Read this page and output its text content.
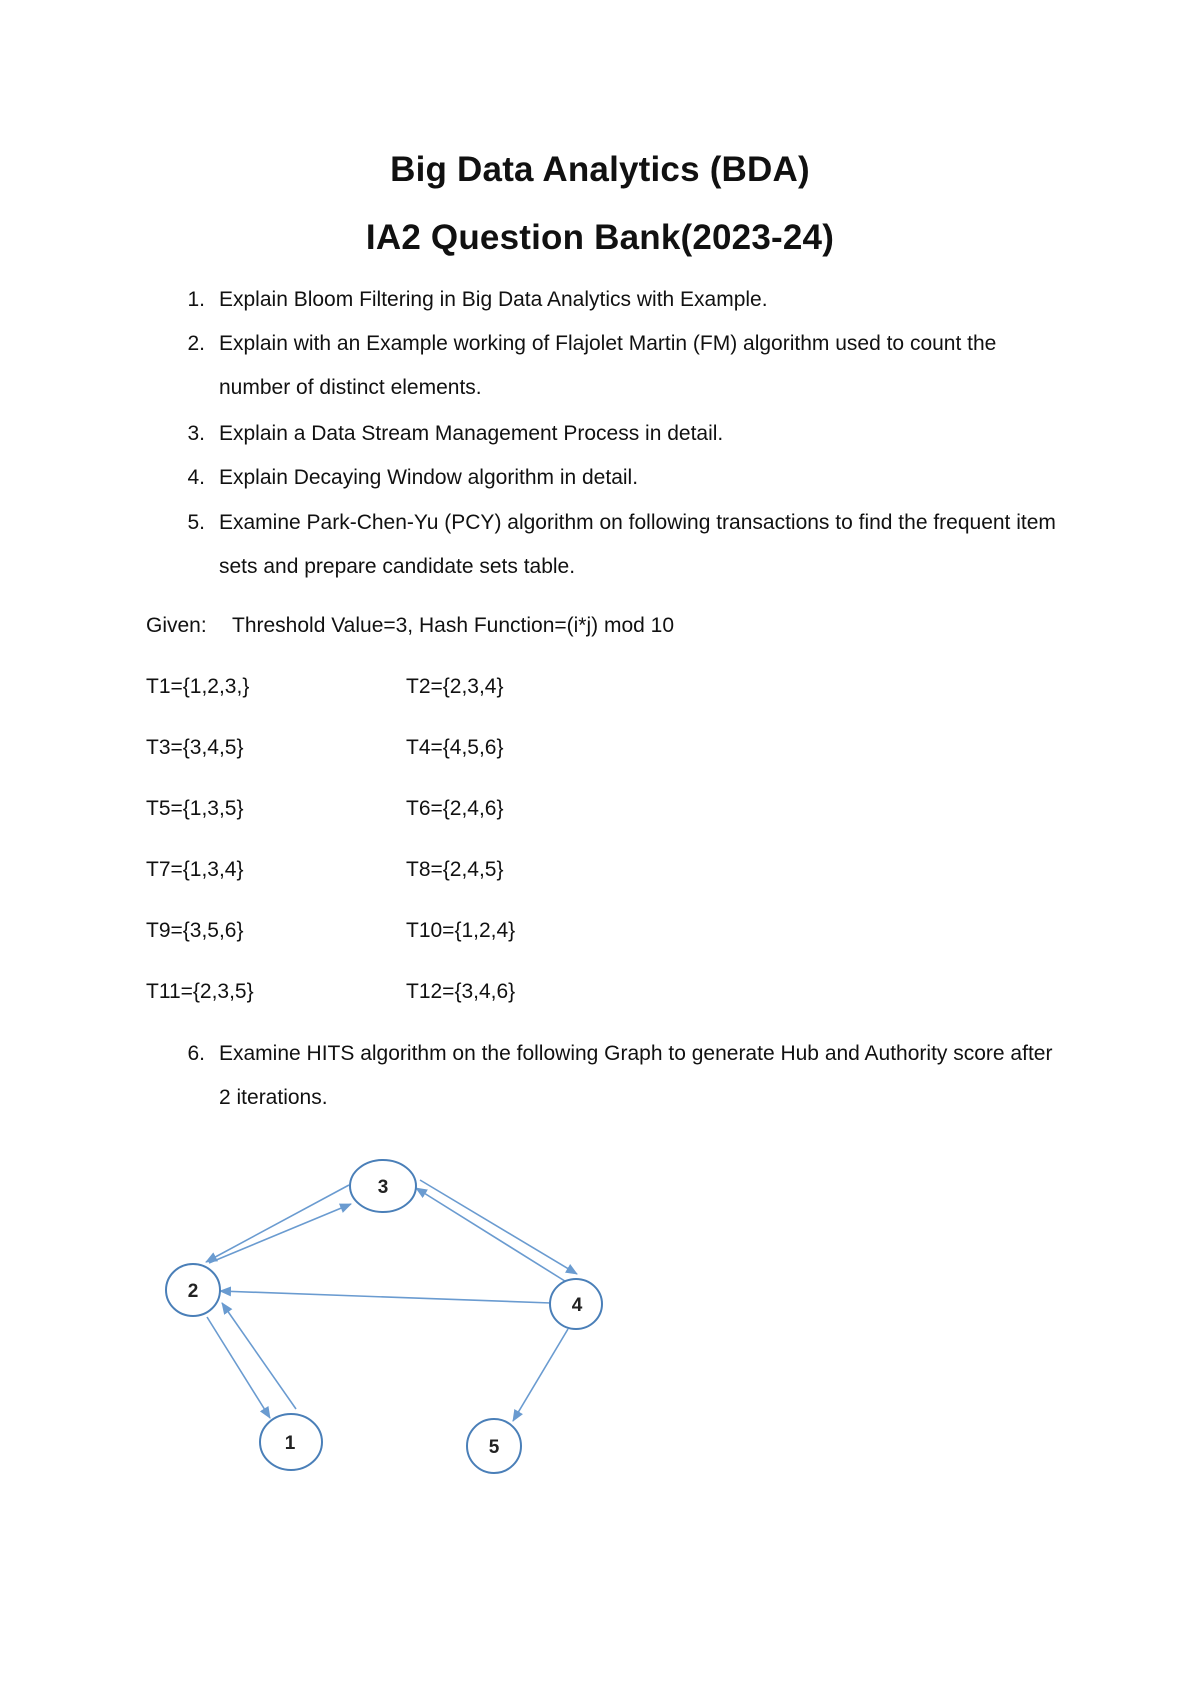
Big Data Analytics (BDA)
IA2 Question Bank(2023-24)
1. Explain Bloom Filtering in Big Data Analytics with Example.
2. Explain with an Example working of Flajolet Martin (FM) algorithm used to count the number of distinct elements.
3. Explain a Data Stream Management Process in detail.
4. Explain Decaying Window algorithm in detail.
5. Examine Park-Chen-Yu (PCY) algorithm on following transactions to find the frequent item sets and prepare candidate sets table.
6. Examine HITS algorithm on the following Graph to generate Hub and Authority score after 2 iterations.
Given: Threshold Value=3, Hash Function=(i*j) mod 10
T1={1,2,3,}	T2={2,3,4}
T3={3,4,5}	T4={4,5,6}
T5={1,3,5}	T6={2,4,6}
T7={1,3,4}	T8={2,4,5}
T9={3,5,6}	T10={1,2,4}
T11={2,3,5}	T12={3,4,6}
3
2
4
1	5
